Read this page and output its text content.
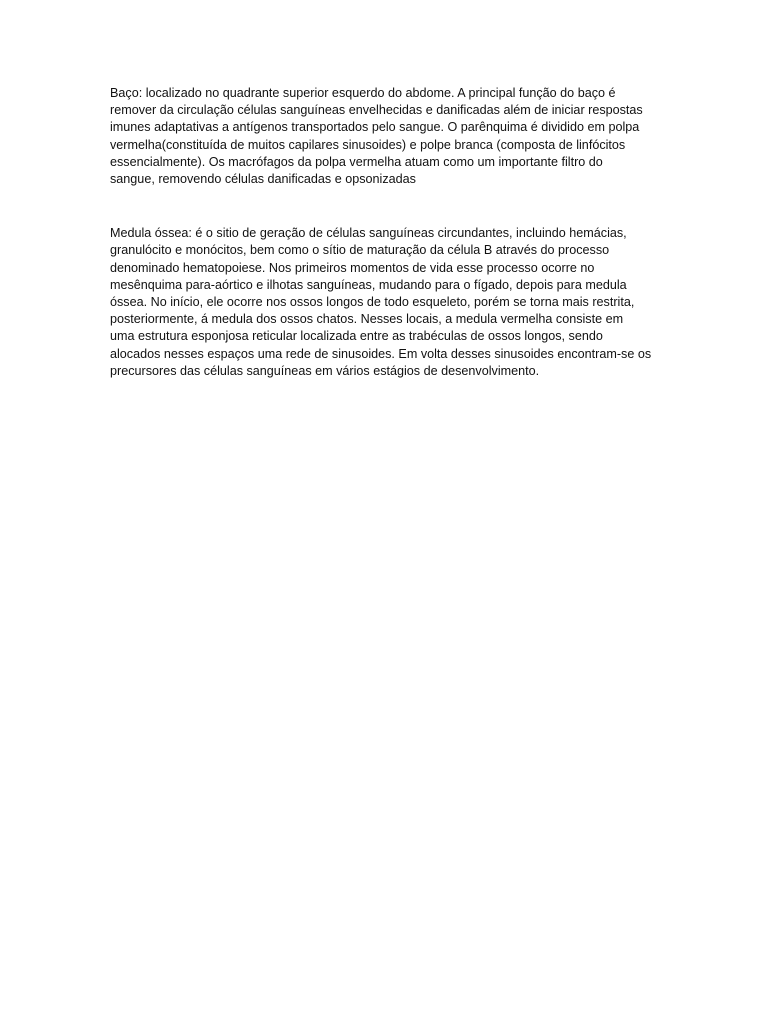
Baço: localizado no quadrante superior esquerdo do abdome. A principal função do baço é
remover da circulação células sanguíneas envelhecidas e danificadas além de iniciar respostas
imunes adaptativas a antígenos transportados pelo sangue. O parênquima é dividido em polpa
vermelha(constituída de muitos capilares sinusoides) e polpe branca (composta de linfócitos
essencialmente). Os macrófagos da polpa vermelha atuam como um importante filtro do
sangue, removendo células danificadas e opsonizadas

Medula óssea: é o sitio de geração de células sanguíneas circundantes, incluindo hemácias,
granulócito e monócitos, bem como o sítio de maturação da célula B através do processo
denominado hematopoiese. Nos primeiros momentos de vida esse processo ocorre no
mesênquima para-aórtico e ilhotas sanguíneas, mudando para o fígado, depois para medula
óssea. No início, ele ocorre nos ossos longos de todo esqueleto, porém se torna mais restrita,
posteriormente, á medula dos ossos chatos. Nesses locais, a medula vermelha consiste em
uma estrutura esponjosa reticular localizada entre as trabéculas de ossos longos, sendo
alocados nesses espaços uma rede de sinusoides. Em volta desses sinusoides encontram-se os
precursores das células sanguíneas em vários estágios de desenvolvimento.
